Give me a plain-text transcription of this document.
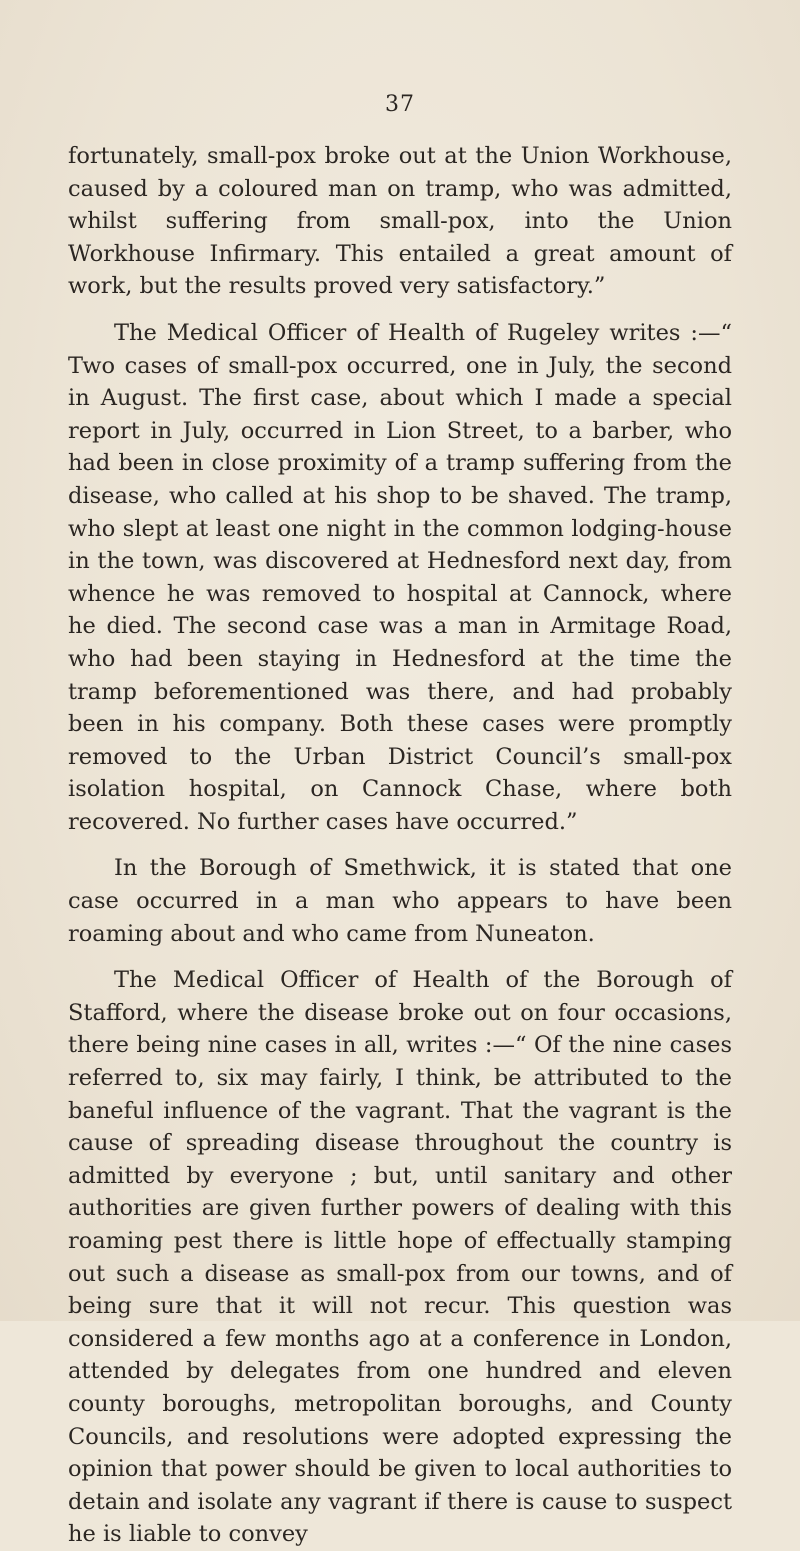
37

fortunately, small-pox broke out at the Union Workhouse, caused by a coloured man on tramp, who was admitted, whilst suffering from small-pox, into the Union Workhouse Infirmary. This entailed a great amount of work, but the results proved very satisfactory.”

The Medical Officer of Health of Rugeley writes :—“ Two cases of small-pox occurred, one in July, the second in August. The first case, about which I made a special report in July, occurred in Lion Street, to a barber, who had been in close proximity of a tramp suffering from the disease, who called at his shop to be shaved. The tramp, who slept at least one night in the common lodging-house in the town, was discovered at Hednesford next day, from whence he was removed to hospital at Cannock, where he died. The second case was a man in Armitage Road, who had been staying in Hednesford at the time the tramp beforementioned was there, and had probably been in his company. Both these cases were promptly removed to the Urban District Council’s small-pox isolation hospital, on Cannock Chase, where both recovered. No further cases have occurred.”

In the Borough of Smethwick, it is stated that one case occurred in a man who appears to have been roaming about and who came from Nuneaton.

The Medical Officer of Health of the Borough of Stafford, where the disease broke out on four occasions, there being nine cases in all, writes :—“ Of the nine cases referred to, six may fairly, I think, be attributed to the baneful influence of the vagrant. That the vagrant is the cause of spreading disease throughout the country is admitted by everyone ; but, until sanitary and other authorities are given further powers of dealing with this roaming pest there is little hope of effectually stamping out such a disease as small-pox from our towns, and of being sure that it will not recur. This question was considered a few months ago at a conference in London, attended by delegates from one hundred and eleven county boroughs, metropolitan boroughs, and County Councils, and resolutions were adopted expressing the opinion that power should be given to local authorities to detain and isolate any vagrant if there is cause to suspect he is liable to convey
